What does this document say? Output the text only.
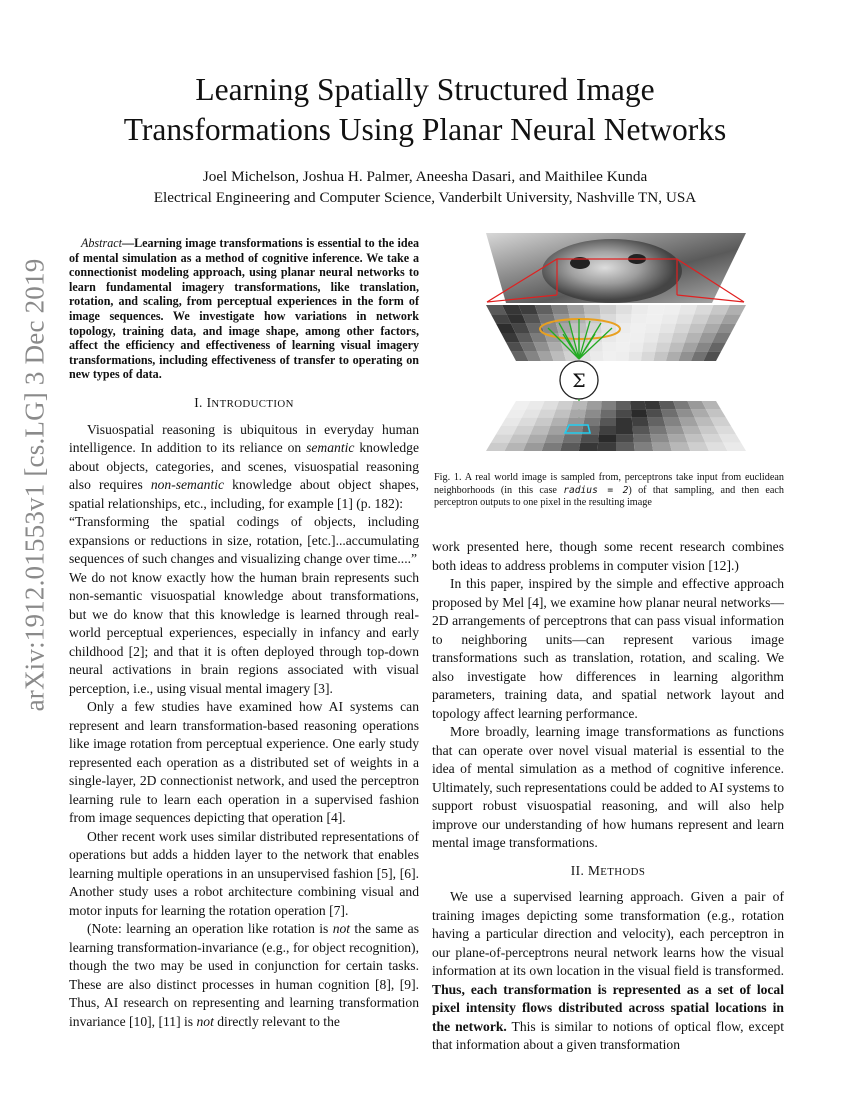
arXiv:1912.01553v1 [cs.LG] 3 Dec 2019
Learning Spatially Structured Image
Transformations Using Planar Neural Networks
Joel Michelson, Joshua H. Palmer, Aneesha Dasari, and Maithilee Kunda
Electrical Engineering and Computer Science, Vanderbilt University, Nashville TN, USA

Abstract—Learning image transformations is essential to the idea of mental simulation as a method of cognitive inference. We take a connectionist modeling approach, using planar neural networks to learn fundamental imagery transformations, like translation, rotation, and scaling, from perceptual experiences in the form of image sequences. We investigate how variations in network topology, training data, and image shape, among other factors, affect the efficiency and effectiveness of learning visual imagery transformations, including effectiveness of transfer to operating on new types of data.

I. INTRODUCTION

Visuospatial reasoning is ubiquitous in everyday human intelligence. In addition to its reliance on semantic knowledge about objects, categories, and scenes, visuospatial reasoning also requires non-semantic knowledge about object shapes, spatial relationships, etc., including, for example [1] (p. 182):

“Transforming the spatial codings of objects, including expansions or reductions in size, rotation, [etc.]...accumulating sequences of such changes and visualizing change over time....”

We do not know exactly how the human brain represents such non-semantic visuospatial knowledge about transformations, but we do know that this knowledge is learned through real-world perceptual experiences, especially in infancy and early childhood [2]; and that it is often deployed through top-down neural activations in brain regions associated with visual perception, i.e., using visual mental imagery [3].

Only a few studies have examined how AI systems can represent and learn transformation-based reasoning operations like image rotation from perceptual experience. One early study represented each operation as a distributed set of weights in a single-layer, 2D connectionist network, and used the perceptron learning rule to learn each operation in a supervised fashion from image sequences depicting that operation [4].

Other recent work uses similar distributed representations of operations but adds a hidden layer to the network that enables learning multiple operations in an unsupervised fashion [5], [6]. Another study uses a robot architecture combining visual and motor inputs for learning the rotation operation [7].

(Note: learning an operation like rotation is not the same as learning transformation-invariance (e.g., for object recognition), though the two may be used in conjunction for certain tasks. These are also distinct processes in human cognition [8], [9]. Thus, AI research on representing and learning transformation invariance [10], [11] is not directly relevant to the

Σ
Fig. 1. A real world image is sampled from, perceptrons take input from euclidean neighborhoods (in this case radius = 2) of that sampling, and then each perceptron outputs to one pixel in the resulting image

work presented here, though some recent research combines both ideas to address problems in computer vision [12].)

In this paper, inspired by the simple and effective approach proposed by Mel [4], we examine how planar neural networks—2D arrangements of perceptrons that can pass visual information to neighboring units—can represent various image transformations such as translation, rotation, and scaling. We also investigate how differences in learning algorithm parameters, training data, and spatial network layout and topology affect learning performance.

More broadly, learning image transformations as functions that can operate over novel visual material is essential to the idea of mental simulation as a method of cognitive inference. Ultimately, such representations could be added to AI systems to support robust visuospatial reasoning, and will also help improve our understanding of how humans represent and learn mental image transformations.

II. METHODS

We use a supervised learning approach. Given a pair of training images depicting some transformation (e.g., rotation having a particular direction and velocity), each perceptron in our plane-of-perceptrons neural network learns how the visual information at its own location in the visual field is transformed. Thus, each transformation is represented as a set of local pixel intensity flows distributed across spatial locations in the network. This is similar to notions of optical flow, except that information about a given transformation
